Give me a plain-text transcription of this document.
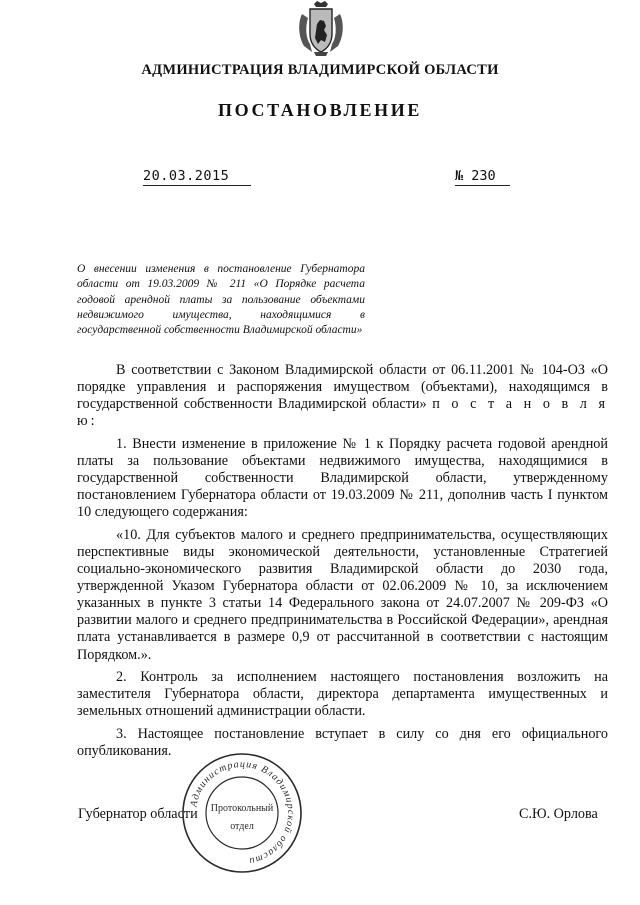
АДМИНИСТРАЦИЯ ВЛАДИМИРСКОЙ ОБЛАСТИ
ПОСТАНОВЛЕНИЕ
20.03.2015	№ 230
О внесении изменения в постановление Губернатора области от 19.03.2009 № 211 «О Порядке расчета годовой арендной платы за пользование объектами недвижимого имущества, находящимися в государственной собственности Владимирской области»

В соответствии с Законом Владимирской области от 06.11.2001 № 104-ОЗ «О порядке управления и распоряжения имуществом (объектами), находящимся в государственной собственности Владимирской области» п о с т а н о в л я ю:

1. Внести изменение в приложение № 1 к Порядку расчета годовой арендной платы за пользование объектами недвижимого имущества, находящимися в государственной собственности Владимирской области, утвержденному постановлением Губернатора области от 19.03.2009 № 211, дополнив часть I пунктом 10 следующего содержания:

«10. Для субъектов малого и среднего предпринимательства, осуществляющих перспективные виды экономической деятельности, установленные Стратегией социально-экономического развития Владимирской области до 2030 года, утвержденной Указом Губернатора области от 02.06.2009 № 10, за исключением указанных в пункте 3 статьи 14 Федерального закона от 24.07.2007 № 209-ФЗ «О развитии малого и среднего предпринимательства в Российской Федерации», арендная плата устанавливается в размере 0,9 от рассчитанной в соответствии с настоящим Порядком.».

2. Контроль за исполнением настоящего постановления возложить на заместителя Губернатора области, директора департамента имущественных и земельных отношений администрации области.

3. Настоящее постановление вступает в силу со дня его официального опубликования.

Губернатор области	С.Ю. Орлова
Администрация Владимирской области
Протокольный
отдел
